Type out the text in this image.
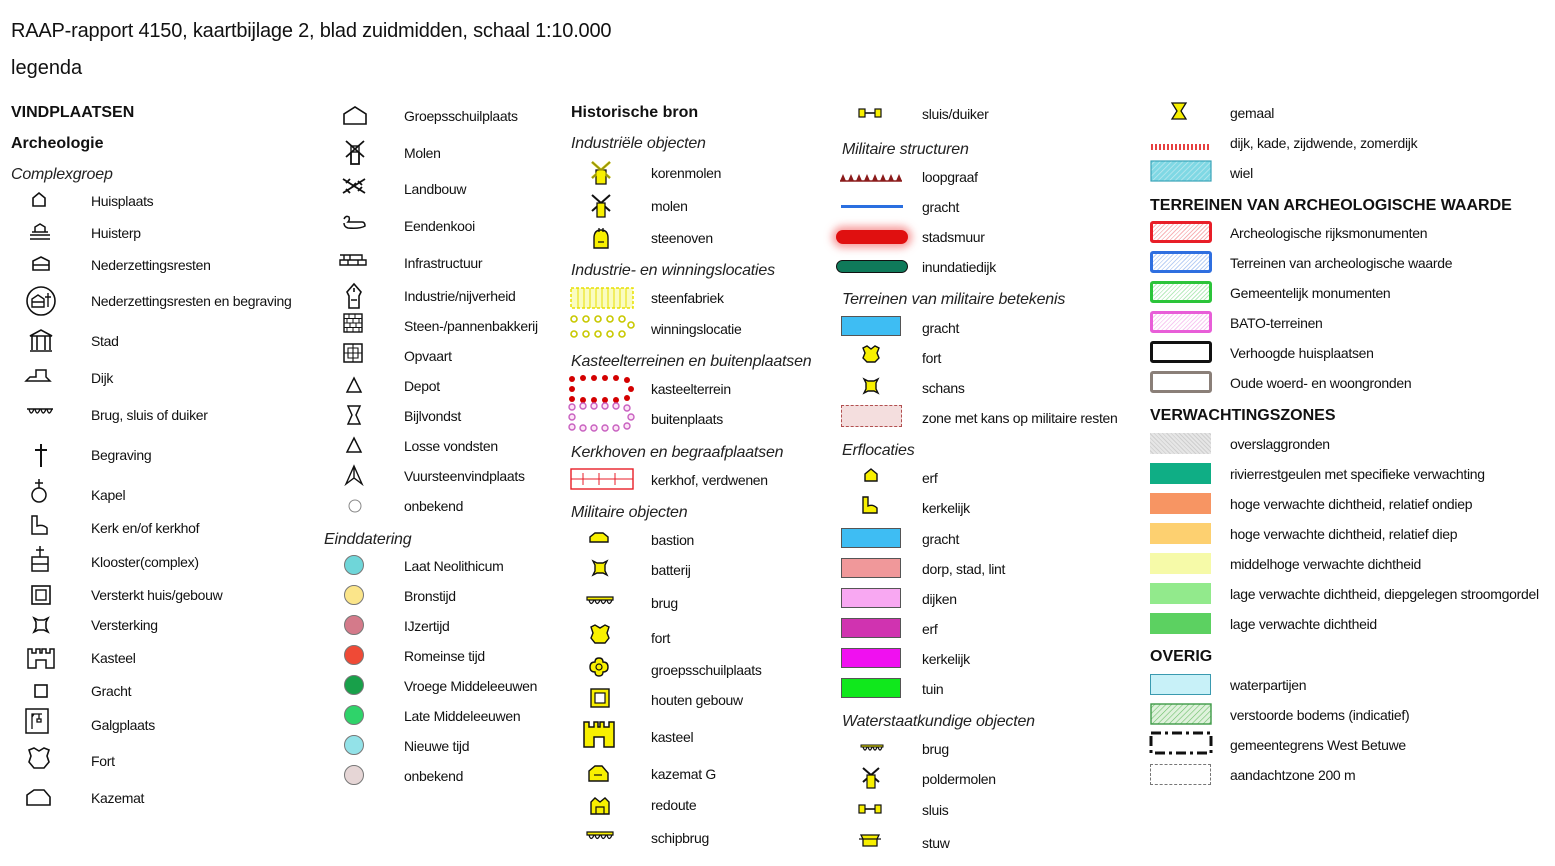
RAAP-rapport 4150, kaartbijlage 2, blad zuidmidden, schaal 1:10.000
legenda
VINDPLAATSEN
Archeologie
Complexgroep
Huisplaats
Huisterp
Nederzettingsresten
Nederzettingsresten en begraving
Stad
Dijk
Brug, sluis of duiker
Begraving
Kapel
Kerk en/of kerkhof
Klooster(complex)
Versterkt huis/gebouw
Versterking
Kasteel
Gracht
Galgplaats
Fort
Kazemat
Groepsschuilplaats
Molen
Landbouw
Eendenkooi
Infrastructuur
Industrie/nijverheid
Steen-/pannenbakkerij
Opvaart
Depot
Bijlvondst
Losse vondsten
Vuursteenvindplaats
onbekend
Einddatering
Laat Neolithicum
Bronstijd
IJzertijd
Romeinse tijd
Vroege Middeleeuwen
Late Middeleeuwen
Nieuwe tijd
onbekend
Historische bron
Industriële objecten
korenmolen
molen
steenoven
Industrie- en winningslocaties
steenfabriek
winningslocatie
Kasteelterreinen en buitenplaatsen
kasteelterrein
buitenplaats
Kerkhoven en begraafplaatsen
kerkhof, verdwenen
Militaire objecten
bastion
batterij
brug
fort
groepsschuilplaats
houten gebouw
kasteel
kazemat G
redoute
schipbrug
sluis/duiker
Militaire structuren
loopgraaf
gracht
stadsmuur
inundatiedijk
Terreinen van militaire betekenis
gracht
fort
schans
zone met kans op militaire resten
Erflocaties
erf
kerkelijk
gracht
dorp, stad, lint
dijken
erf
kerkelijk
tuin
Waterstaatkundige objecten
brug
poldermolen
sluis
stuw
gemaal
dijk, kade, zijdwende, zomerdijk
wiel
TERREINEN VAN ARCHEOLOGISCHE WAARDE
Archeologische rijksmonumenten
Terreinen van archeologische waarde
Gemeentelijk monumenten
BATO-terreinen
Verhoogde huisplaatsen
Oude woerd- en woongronden
VERWACHTINGSZONES
overslaggronden
rivierrestgeulen met specifieke verwachting
hoge verwachte dichtheid, relatief ondiep
hoge verwachte dichtheid, relatief diep
middelhoge verwachte dichtheid
lage verwachte dichtheid, diepgelegen stroomgordel
lage verwachte dichtheid
OVERIG
waterpartijen
verstoorde bodems (indicatief)
gemeentegrens West Betuwe
aandachtzone 200 m
